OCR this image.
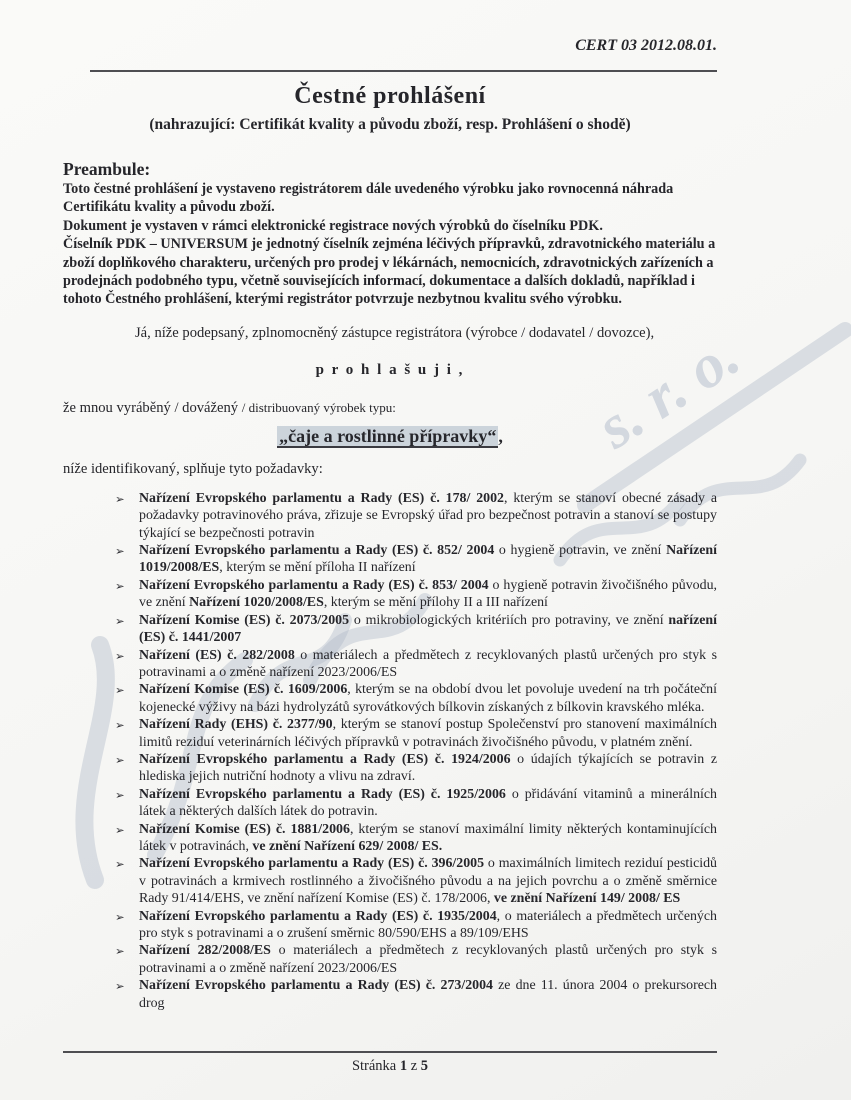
s. r. o.
CERT 03 2012.08.01.
Čestné prohlášení
(nahrazující: Certifikát kvality a původu zboží, resp. Prohlášení o shodě)
Preambule:

Toto čestné prohlášení je vystaveno registrátorem dále uvedeného výrobku jako rovnocenná náhrada Certifikátu kvality a původu zboží.

Dokument je vystaven v rámci elektronické registrace nových výrobků do číselníku PDK.

Číselník PDK – UNIVERSUM je jednotný číselník zejména léčivých přípravků, zdravotnického materiálu a zboží doplňkového charakteru, určených pro prodej v lékárnách, nemocnicích, zdravotnických zařízeních a prodejnách podobného typu, včetně souvisejících informací, dokumentace a dalších dokladů, například i tohoto Čestného prohlášení, kterými registrátor potvrzuje nezbytnou kvalitu svého výrobku.

Já, níže podepsaný, zplnomocněný zástupce registrátora (výrobce / dodavatel / dovozce),
p r o h l a š u j i ,
že mnou vyráběný / dovážený / distribuovaný výrobek typu:
„čaje a rostlinné přípravky“ ,
níže identifikovaný, splňuje tyto požadavky:
➢ Nařízení Evropského parlamentu a Rady (ES) č. 178/ 2002, kterým se stanoví obecné zásady a požadavky potravinového práva, zřizuje se Evropský úřad pro bezpečnost potravin a stanoví se postupy týkající se bezpečnosti potravin
➢ Nařízení Evropského parlamentu a Rady (ES) č. 852/ 2004 o hygieně potravin, ve znění Nařízení 1019/2008/ES, kterým se mění příloha II nařízení
➢ Nařízení Evropského parlamentu a Rady (ES) č. 853/ 2004 o hygieně potravin živočišného původu, ve znění Nařízení 1020/2008/ES, kterým se mění přílohy II a III nařízení
➢ Nařízení Komise (ES) č. 2073/2005 o mikrobiologických kritériích pro potraviny, ve znění nařízení (ES) č. 1441/2007
➢ Nařízení (ES) č. 282/2008 o materiálech a předmětech z recyklovaných plastů určených pro styk s potravinami a o změně nařízení 2023/2006/ES
➢ Nařízení Komise (ES) č. 1609/2006, kterým se na období dvou let povoluje uvedení na trh počáteční kojenecké výživy na bázi hydrolyzátů syrovátkových bílkovin získaných z bílkovin kravského mléka.
➢ Nařízení Rady (EHS) č. 2377/90, kterým se stanoví postup Společenství pro stanovení maximálních limitů reziduí veterinárních léčivých přípravků v potravinách živočišného původu, v platném znění.
➢ Nařízení Evropského parlamentu a Rady (ES) č. 1924/2006 o údajích týkajících se potravin z hlediska jejich nutriční hodnoty a vlivu na zdraví.
➢ Nařízení Evropského parlamentu a Rady (ES) č. 1925/2006 o přidávání vitaminů a minerálních látek a některých dalších látek do potravin.
➢ Nařízení Komise (ES) č. 1881/2006, kterým se stanoví maximální limity některých kontaminujících látek v potravinách, ve znění Nařízení 629/ 2008/ ES.
➢ Nařízení Evropského parlamentu a Rady (ES) č. 396/2005 o maximálních limitech reziduí pesticidů v potravinách a krmivech rostlinného a živočišného původu a na jejich povrchu a o změně směrnice Rady 91/414/EHS, ve znění nařízení Komise (ES) č. 178/2006, ve znění Nařízení 149/ 2008/ ES
➢ Nařízení Evropského parlamentu a Rady (ES) č. 1935/2004, o materiálech a předmětech určených pro styk s potravinami a o zrušení směrnic 80/590/EHS a 89/109/EHS
➢ Nařízení 282/2008/ES o materiálech a předmětech z recyklovaných plastů určených pro styk s potravinami a o změně nařízení 2023/2006/ES
➢ Nařízení Evropského parlamentu a Rady (ES) č. 273/2004 ze dne 11. února 2004 o prekursorech drog
Stránka 1 z 5
